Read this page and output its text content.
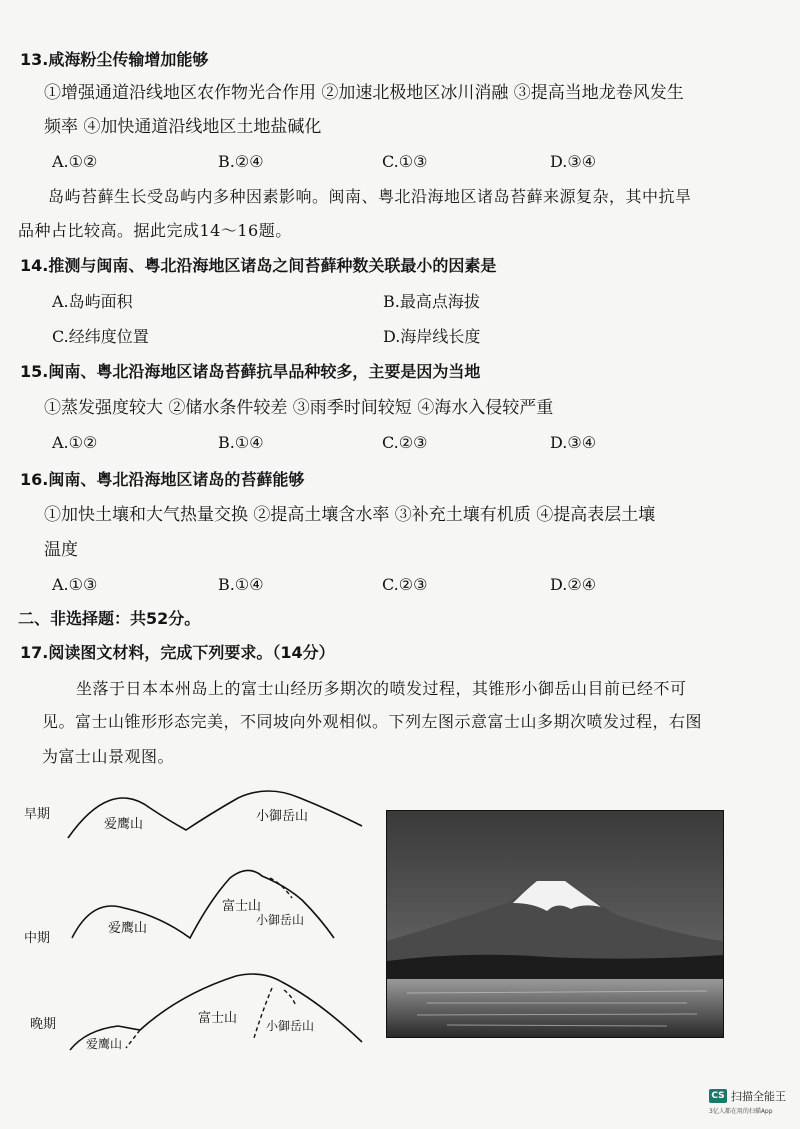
13.咸海粉尘传输增加能够
①增强通道沿线地区农作物光合作用 ②加速北极地区冰川消融 ③提高当地龙卷风发生
频率 ④加快通道沿线地区土地盐碱化
A.①②	B.②④	C.①③	D.③④
岛屿苔藓生长受岛屿内多种因素影响。闽南、粤北沿海地区诸岛苔藓来源复杂，其中抗旱
品种占比较高。据此完成14～16题。
14.推测与闽南、粤北沿海地区诸岛之间苔藓种数关联最小的因素是
A.岛屿面积	B.最高点海拔
C.经纬度位置	D.海岸线长度
15.闽南、粤北沿海地区诸岛苔藓抗旱品种较多，主要是因为当地
①蒸发强度较大 ②储水条件较差 ③雨季时间较短 ④海水入侵较严重
A.①②	B.①④	C.②③	D.③④
16.闽南、粤北沿海地区诸岛的苔藓能够
①加快土壤和大气热量交换 ②提高土壤含水率 ③补充土壤有机质 ④提高表层土壤
温度
A.①③	B.①④	C.②③	D.②④
二、非选择题：共52分。
17.阅读图文材料，完成下列要求。（14分）
坐落于日本本州岛上的富士山经历多期次的喷发过程，其锥形小御岳山目前已经不可
见。富士山锥形形态完美，不同坡向外观相似。下列左图示意富士山多期次喷发过程，右图
为富士山景观图。
早期
爱鹰山
小御岳山
中期
爱鹰山
富士山
小御岳山
晚期	富士山 小御岳山
爱鹰山
CS 扫描全能王
3亿人都在用的扫描App
